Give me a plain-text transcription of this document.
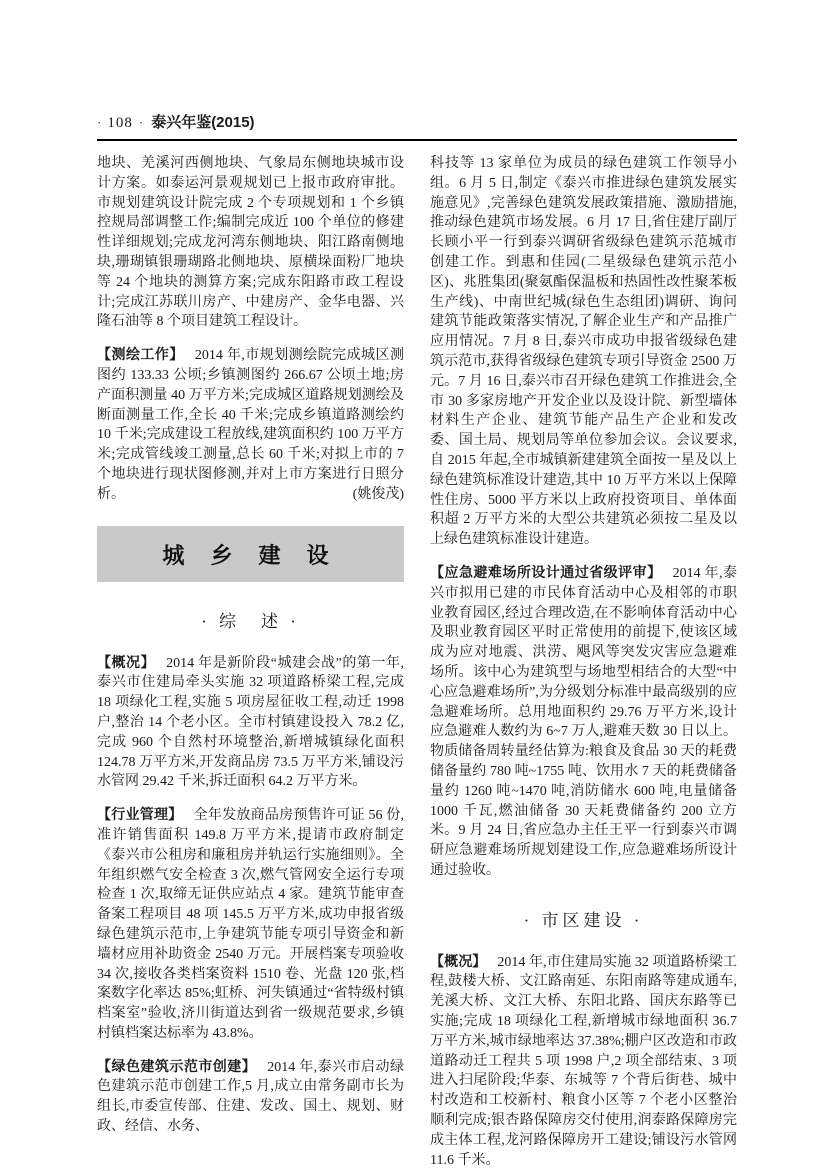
· 108 · 泰兴年鉴(2015)

地块、羌溪河西侧地块、气象局东侧地块城市设计方案。如泰运河景观规划已上报市政府审批。市规划建筑设计院完成 2 个专项规划和 1 个乡镇控规局部调整工作;编制完成近 100 个单位的修建性详细规划;完成龙河湾东侧地块、阳江路南侧地块,珊瑚镇银珊瑚路北侧地块、原横垛面粉厂地块等 24 个地块的测算方案;完成东阳路市政工程设计;完成江苏联川房产、中建房产、金华电器、兴隆石油等 8 个项目建筑工程设计。

【测绘工作】 2014 年,市规划测绘院完成城区测图约 133.33 公顷;乡镇测图约 266.67 公顷土地;房产面积测量 40 万平方米;完成城区道路规划测绘及断面测量工作,全长 40 千米;完成乡镇道路测绘约 10 千米;完成建设工程放线,建筑面积约 100 万平方米;完成管线竣工测量,总长 60 千米;对拟上市的 7 个地块进行现状图修测,并对上市方案进行日照分析。	(姚俊茂)

城 乡 建 设
· 综　述 ·

【概况】 2014 年是新阶段“城建会战”的第一年,泰兴市住建局牵头实施 32 项道路桥梁工程,完成 18 项绿化工程,实施 5 项房屋征收工程,动迁 1998 户,整治 14 个老小区。全市村镇建设投入 78.2 亿,完成 960 个自然村环境整治,新增城镇绿化面积 124.78 万平方米,开发商品房 73.5 万平方米,铺设污水管网 29.42 千米,拆迁面积 64.2 万平方米。

【行业管理】 全年发放商品房预售许可证 56 份,准许销售面积 149.8 万平方米,提请市政府制定《泰兴市公租房和廉租房并轨运行实施细则》。全年组织燃气安全检查 3 次,燃气管网安全运行专项检查 1 次,取缔无证供应站点 4 家。建筑节能审查备案工程项目 48 项 145.5 万平方米,成功申报省级绿色建筑示范市,上争建筑节能专项引导资金和新墙材应用补助资金 2540 万元。开展档案专项验收 34 次,接收各类档案资料 1510 卷、光盘 120 张,档案数字化率达 85%;虹桥、河失镇通过“省特级村镇档案室”验收,济川街道达到省一级规范要求,乡镇村镇档案达标率为 43.8%。

【绿色建筑示范市创建】 2014 年,泰兴市启动绿色建筑示范市创建工作,5 月,成立由常务副市长为组长,市委宣传部、住建、发改、国土、规划、财政、经信、水务、

科技等 13 家单位为成员的绿色建筑工作领导小组。6 月 5 日,制定《泰兴市推进绿色建筑发展实施意见》,完善绿色建筑发展政策措施、激励措施,推动绿色建筑市场发展。6 月 17 日,省住建厅副厅长顾小平一行到泰兴调研省级绿色建筑示范城市创建工作。到惠和佳园(二星级绿色建筑示范小区)、兆胜集团(聚氨酯保温板和热固性改性聚苯板生产线)、中南世纪城(绿色生态组团)调研、询问建筑节能政策落实情况,了解企业生产和产品推广应用情况。7 月 8 日,泰兴市成功申报省级绿色建筑示范市,获得省级绿色建筑专项引导资金 2500 万元。7 月 16 日,泰兴市召开绿色建筑工作推进会,全市 30 多家房地产开发企业以及设计院、新型墙体材料生产企业、建筑节能产品生产企业和发改委、国土局、规划局等单位参加会议。会议要求,自 2015 年起,全市城镇新建建筑全面按一星及以上绿色建筑标准设计建造,其中 10 万平方米以上保障性住房、5000 平方米以上政府投资项目、单体面积超 2 万平方米的大型公共建筑必须按二星及以上绿色建筑标准设计建造。

【应急避难场所设计通过省级评审】 2014 年,泰兴市拟用已建的市民体育活动中心及相邻的市职业教育园区,经过合理改造,在不影响体育活动中心及职业教育园区平时正常使用的前提下,使该区域成为应对地震、洪涝、飓风等突发灾害应急避难场所。该中心为建筑型与场地型相结合的大型“中心应急避难场所”,为分级划分标准中最高级别的应急避难场所。总用地面积约 29.76 万平方米,设计应急避难人数约为 6~7 万人,避难天数 30 日以上。物质储备周转量经估算为:粮食及食品 30 天的耗费储备量约 780 吨~1755 吨、饮用水 7 天的耗费储备量约 1260 吨~1470 吨,消防储水 600 吨,电量储备 1000 千瓦,燃油储备 30 天耗费储备约 200 立方米。9 月 24 日,省应急办主任王平一行到泰兴市调研应急避难场所规划建设工作,应急避难场所设计通过验收。

· 市区建设 ·

【概况】 2014 年,市住建局实施 32 项道路桥梁工程,鼓楼大桥、文江路南延、东阳南路等建成通车,羌溪大桥、文江大桥、东阳北路、国庆东路等已实施;完成 18 项绿化工程,新增城市绿地面积 36.7 万平方米,城市绿地率达 37.38%;棚户区改造和市政道路动迁工程共 5 项 1998 户,2 项全部结束、3 项进入扫尾阶段;华泰、东城等 7 个背后街巷、城中村改造和工校新村、粮食小区等 7 个老小区整治顺利完成;银杏路保障房交付使用,润泰路保障房完成主体工程,龙河路保障房开工建设;铺设污水管网 11.6 千米。
